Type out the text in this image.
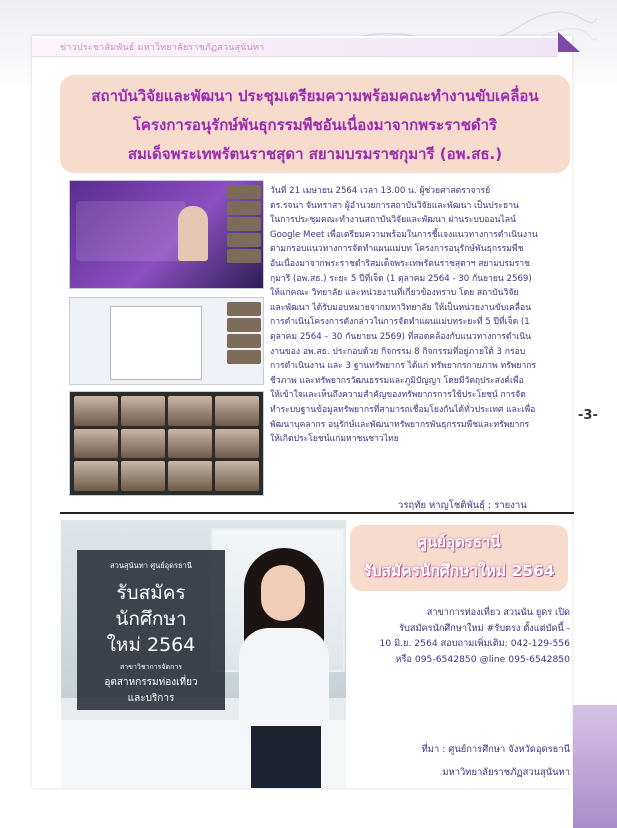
ข่าวประชาสัมพันธ์ มหาวิทยาลัยราชภัฏสวนสุนันทา
-3-
สถาบันวิจัยและพัฒนา ประชุมเตรียมความพร้อมคณะทำงานขับเคลื่อน
โครงการอนุรักษ์พันธุกรรมพืชอันเนื่องมาจากพระราชดำริ
สมเด็จพระเทพรัตนราชสุดา สยามบรมราชกุมารี (อพ.สธ.)
วันที่ 21 เมษายน 2564 เวลา 13.00 น. ผู้ช่วยศาสตราจารย์
ดร.รจนา จันทราสา ผู้อำนวยการสถาบันวิจัยและพัฒนา เป็นประธาน
ในการประชุมคณะทำงานสถาบันวิจัยและพัฒนา ผ่านระบบออนไลน์
Google Meet เพื่อเตรียมความพร้อมในการชี้แจงแนวทางการดำเนินงาน
ตามกรอบแนวทางการจัดทำแผนแม่บท โครงการอนุรักษ์พันธุกรรมพืช
อันเนื่องมาจากพระราชดำริสมเด็จพระเทพรัตนราชสุดาฯ สยามบรมราช
กุมารี (อพ.สธ.) ระยะ 5 ปีที่เจ็ด (1 ตุลาคม 2564 - 30 กันยายน 2569)
ให้แก่คณะ วิทยาลัย และหน่วยงานที่เกี่ยวข้องทราบ โดย สถาบันวิจัย
และพัฒนา ได้รับมอบหมายจากมหาวิทยาลัย ให้เป็นหน่วยงานขับเคลื่อน
การดำเนินโครงการดังกล่าวในการจัดทำแผนแม่บทระยะที่ 5 ปีที่เจ็ด (1
ตุลาคม 2564 – 30 กันยายน 2569) ที่สอดคล้องกับแนวทางการดำเนิน
งานของ อพ.สธ. ประกอบด้วย กิจกรรม 8 กิจกรรมที่อยู่ภายใต้ 3 กรอบ
การดำเนินงาน และ 3 ฐานทรัพยากร ได้แก่ ทรัพยากรกายภาพ ทรัพยากร
ชีวภาพ และทรัพยากรวัฒนธรรมและภูมิปัญญา โดยมีวัตถุประสงค์เพื่อ
ให้เข้าใจและเห็นถึงความสำคัญของทรัพยากรการใช้ประโยชน์ การจัด
ทำระบบฐานข้อมูลทรัพยากรที่สามารถเชื่อมโยงกันได้ทั่วประเทศ และเพื่อ
พัฒนาบุคลากร อนุรักษ์และพัฒนาทรัพยากรพันธุกรรมพืชและทรัพยากร
ให้เกิดประโยชน์แก่มหาชนชาวไทย
วรฤทัย หาญโชติพันธุ์ : รายงาน
สวนสุนันทา ศูนย์อุดรธานี
รับสมัคร
นักศึกษา
ใหม่ 2564
สาขาวิชาการจัดการ
อุตสาหกรรมท่องเที่ยว
และบริการ
ศูนย์อุดรธานี
รับสมัครนักศึกษาใหม่ 2564
สาขาการท่องเที่ยว สวนนัน ยูดร เปิด
รับสมัครนักศึกษาใหม่ #รับตรง ตั้งแต่บัดนี้ -
10 มิ.ย. 2564 สอบถามเพิ่มเติม: 042-129-556
หรือ 095-6542850 @line 095-6542850
ที่มา : ศูนย์การศึกษา จังหวัดอุดรธานี
มหาวิทยาลัยราชภัฏสวนสุนันทา
